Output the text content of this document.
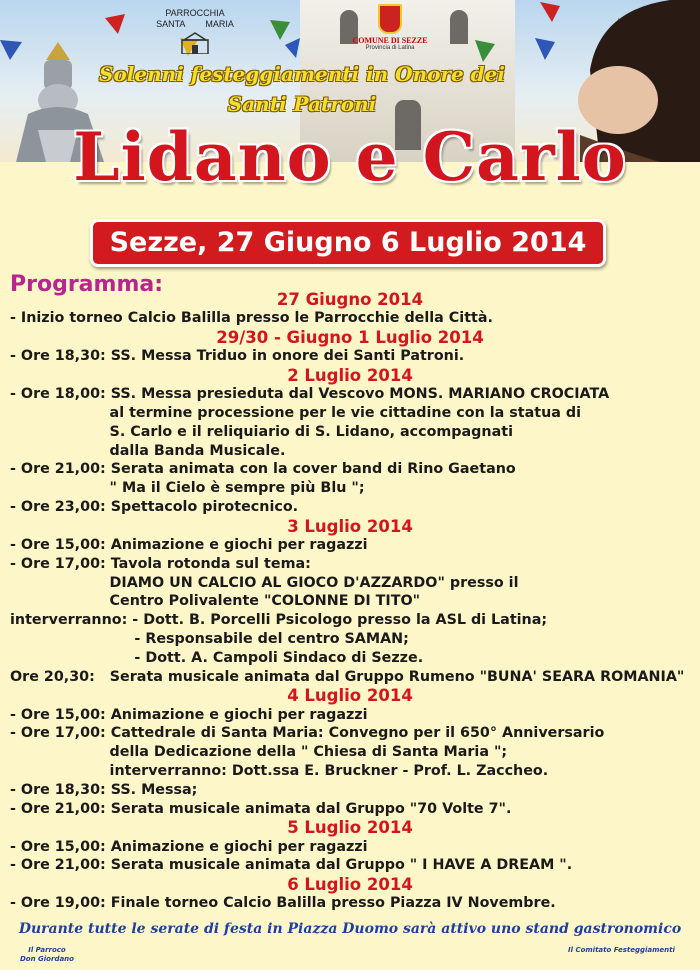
PARROCCHIA
SANTA MARIA
COMUNE DI SEZZE
Provincia di Latina
Solenni festeggiamenti in Onore dei
Santi Patroni
Lidano e Carlo
Sezze, 27 Giugno 6 Luglio 2014
Programma:
27 Giugno 2014
- Inizio torneo Calcio Balilla presso le Parrocchie della Città.
29/30 - Giugno 1 Luglio 2014
- Ore 18,30: SS. Messa Triduo in onore dei Santi Patroni.
2 Luglio 2014
- Ore 18,00: SS. Messa presieduta dal Vescovo MONS. MARIANO CROCIATA
al termine processione per le vie cittadine con la statua di
S. Carlo e il reliquiario di S. Lidano, accompagnati
dalla Banda Musicale.
- Ore 21,00: Serata animata con la cover band di Rino Gaetano
" Ma il Cielo è sempre più Blu ";
- Ore 23,00: Spettacolo pirotecnico.
3 Luglio 2014
- Ore 15,00: Animazione e giochi per ragazzi
- Ore 17,00: Tavola rotonda sul tema:
DIAMO UN CALCIO AL GIOCO D'AZZARDO" presso il
Centro Polivalente "COLONNE DI TITO"
interverranno: - Dott. B. Porcelli Psicologo presso la ASL di Latina;
- Responsabile del centro SAMAN;
- Dott. A. Campoli Sindaco di Sezze.
Ore 20,30:   Serata musicale animata dal Gruppo Rumeno "BUNA' SEARA ROMANIA"
4 Luglio 2014
- Ore 15,00: Animazione e giochi per ragazzi
- Ore 17,00: Cattedrale di Santa Maria: Convegno per il 650° Anniversario
della Dedicazione della " Chiesa di Santa Maria ";
interverranno: Dott.ssa E. Bruckner - Prof. L. Zaccheo.
- Ore 18,30: SS. Messa;
- Ore 21,00: Serata musicale animata dal Gruppo "70 Volte 7".
5 Luglio 2014
- Ore 15,00: Animazione e giochi per ragazzi
- Ore 21,00: Serata musicale animata dal Gruppo " I HAVE A DREAM ".
6 Luglio 2014
- Ore 19,00: Finale torneo Calcio Balilla presso Piazza IV Novembre.
Durante tutte le serate di festa in Piazza Duomo sarà attivo uno stand gastronomico
Il Parroco
Don Giordano
Il Comitato Festeggiamenti
